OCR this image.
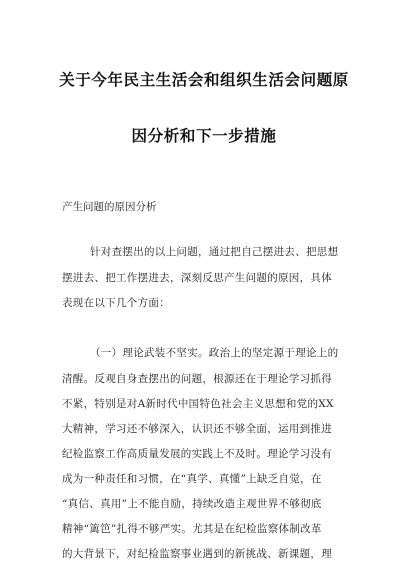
关于今年民主生活会和组织生活会问题原
因分析和下一步措施
产生问题的原因分析
针对查摆出的以上问题，通过把自己摆进去、把思想
摆进去、把工作摆进去，深刻反思产生问题的原因，具体
表现在以下几个方面：
（一）理论武装不坚实。政治上的坚定源于理论上的
清醒。反观自身查摆出的问题，根源还在于理论学习抓得
不紧，特别是对A新时代中国特色社会主义思想和党的XX
大精神，学习还不够深入，认识还不够全面，运用到推进
纪检监察工作高质量发展的实践上不及时。理论学习没有
成为一种责任和习惯，在“真学、真懂”上缺乏自觉，在
“真信、真用”上不能自励，持续改造主观世界不够彻底
精神“篱笆”扎得不够严实。尤其是在纪检监察体制改革
的大背景下，对纪检监察事业遇到的新挑战、新课题，理
